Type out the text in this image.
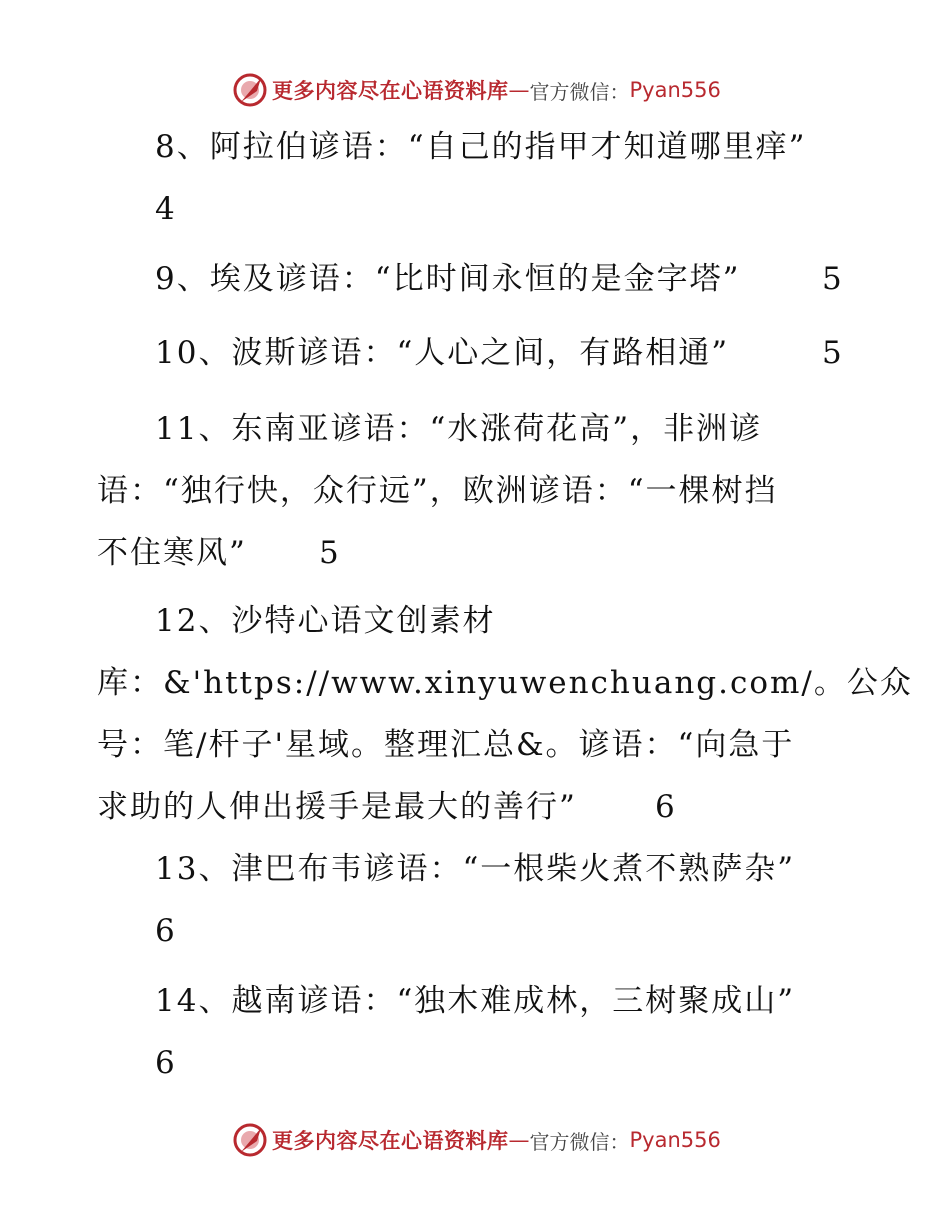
更多内容尽在心语资料库 — 官方微信： Pyan556
8、阿拉伯谚语：“自己的指甲才知道哪里痒”
4
9、埃及谚语：“比时间永恒的是金字塔”	5
10、波斯谚语：“人心之间，有路相通”	5
11、东南亚谚语：“水涨荷花高”，非洲谚
语：“独行快，众行远”，欧洲谚语：“一棵树挡
不住寒风” 5
12、沙特心语文创素材
库：&'https://www.xinyuwenchuang.com/。公众
号：笔/杆子'星域。整理汇总&。谚语：“向急于
求助的人伸出援手是最大的善行”	6
13、津巴布韦谚语：“一根柴火煮不熟萨杂”
6
14、越南谚语：“独木难成林，三树聚成山”
6
更多内容尽在心语资料库 — 官方微信： Pyan556
